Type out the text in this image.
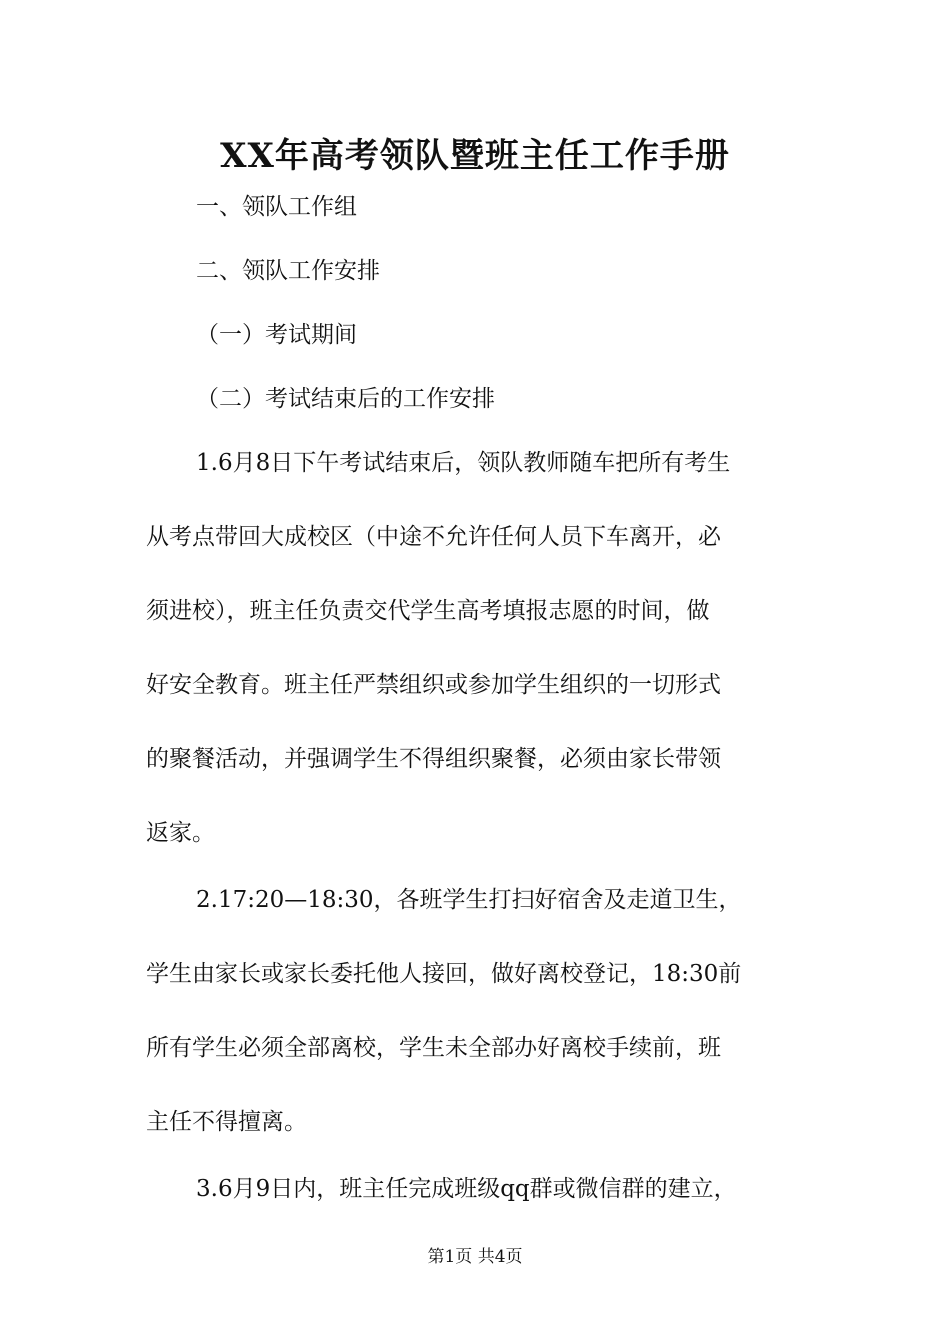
XX年高考领队暨班主任工作手册

一、领队工作组

二、领队工作安排

（一）考试期间

（二）考试结束后的工作安排

1.6月8日下午考试结束后，领队教师随车把所有考生

从考点带回大成校区（中途不允许任何人员下车离开，必

须进校），班主任负责交代学生高考填报志愿的时间，做

好安全教育。班主任严禁组织或参加学生组织的一切形式

的聚餐活动，并强调学生不得组织聚餐，必须由家长带领

返家。

2.17:20—18:30，各班学生打扫好宿舍及走道卫生，

学生由家长或家长委托他人接回，做好离校登记，18:30前

所有学生必须全部离校，学生未全部办好离校手续前，班

主任不得擅离。

3.6月9日内，班主任完成班级qq群或微信群的建立，

第1页 共4页
